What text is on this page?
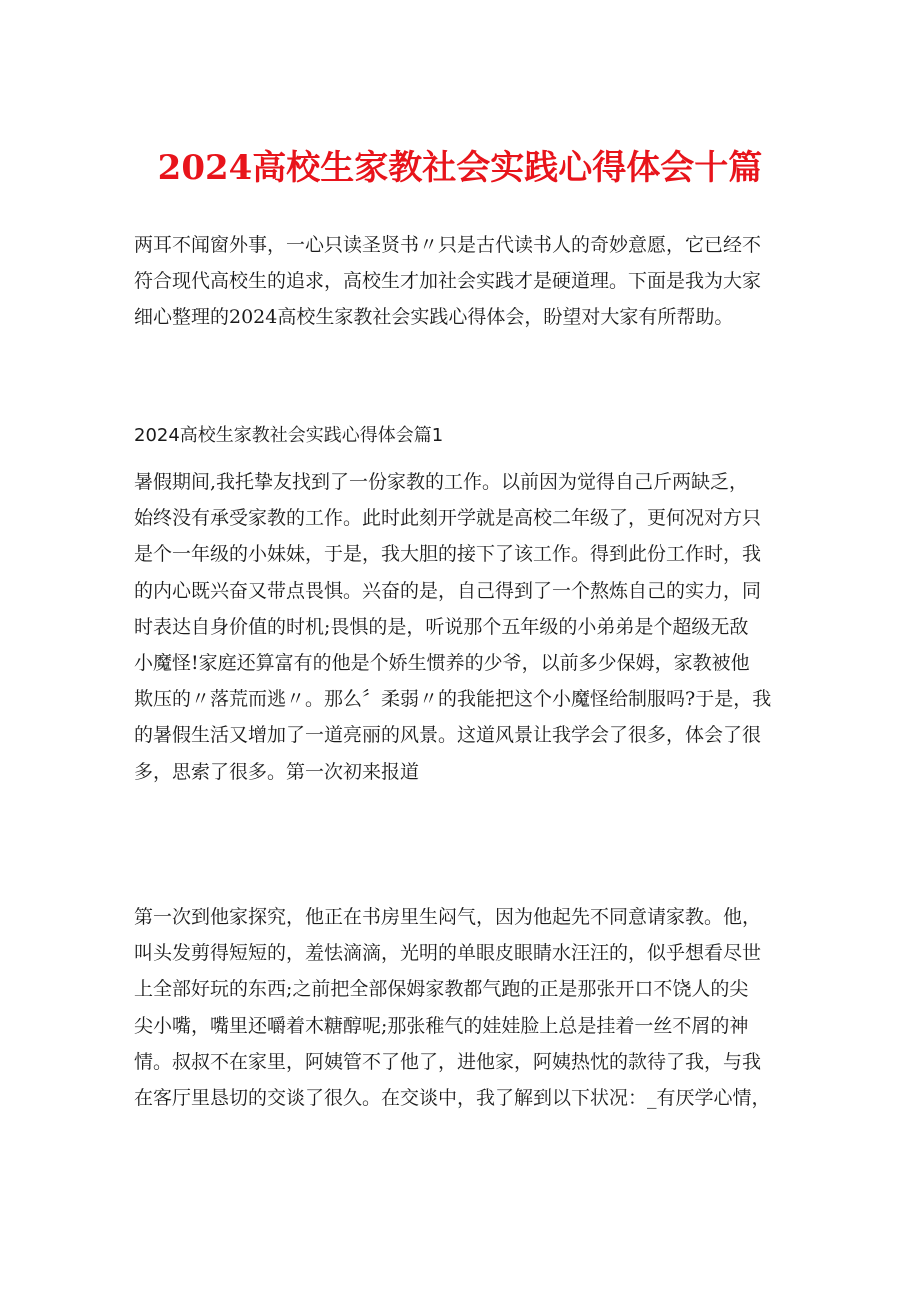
2024高校生家教社会实践心得体会十篇
两耳不闻窗外事，一心只读圣贤书〃只是古代读书人的奇妙意愿，它已经不
符合现代高校生的追求，高校生才加社会实践才是硬道理。下面是我为大家
细心整理的2024高校生家教社会实践心得体会，盼望对大家有所帮助。
2024高校生家教社会实践心得体会篇1
暑假期间,我托挚友找到了一份家教的工作。以前因为觉得自己斤两缺乏，
始终没有承受家教的工作。此时此刻开学就是高校二年级了，更何况对方只
是个一年级的小妹妹，于是，我大胆的接下了该工作。得到此份工作时，我
的内心既兴奋又带点畏惧。兴奋的是，自己得到了一个熬炼自己的实力，同
时表达自身价值的时机;畏惧的是，听说那个五年级的小弟弟是个超级无敌
小魔怪!家庭还算富有的他是个娇生惯养的少爷，以前多少保姆，家教被他
欺压的〃落荒而逃〃。那么〞柔弱〃的我能把这个小魔怪给制服吗?于是，我
的暑假生活又增加了一道亮丽的风景。这道风景让我学会了很多，体会了很
多，思索了很多。第一次初来报道
第一次到他家探究，他正在书房里生闷气，因为他起先不同意请家教。他，
叫头发剪得短短的，羞怯滴滴，光明的单眼皮眼睛水汪汪的，似乎想看尽世
上全部好玩的东西;之前把全部保姆家教都气跑的正是那张开口不饶人的尖
尖小嘴，嘴里还嚼着木糖醇呢;那张稚气的娃娃脸上总是挂着一丝不屑的神
情。叔叔不在家里，阿姨管不了他了，进他家，阿姨热忱的款待了我，与我
在客厅里恳切的交谈了很久。在交谈中，我了解到以下状况：_有厌学心情，
